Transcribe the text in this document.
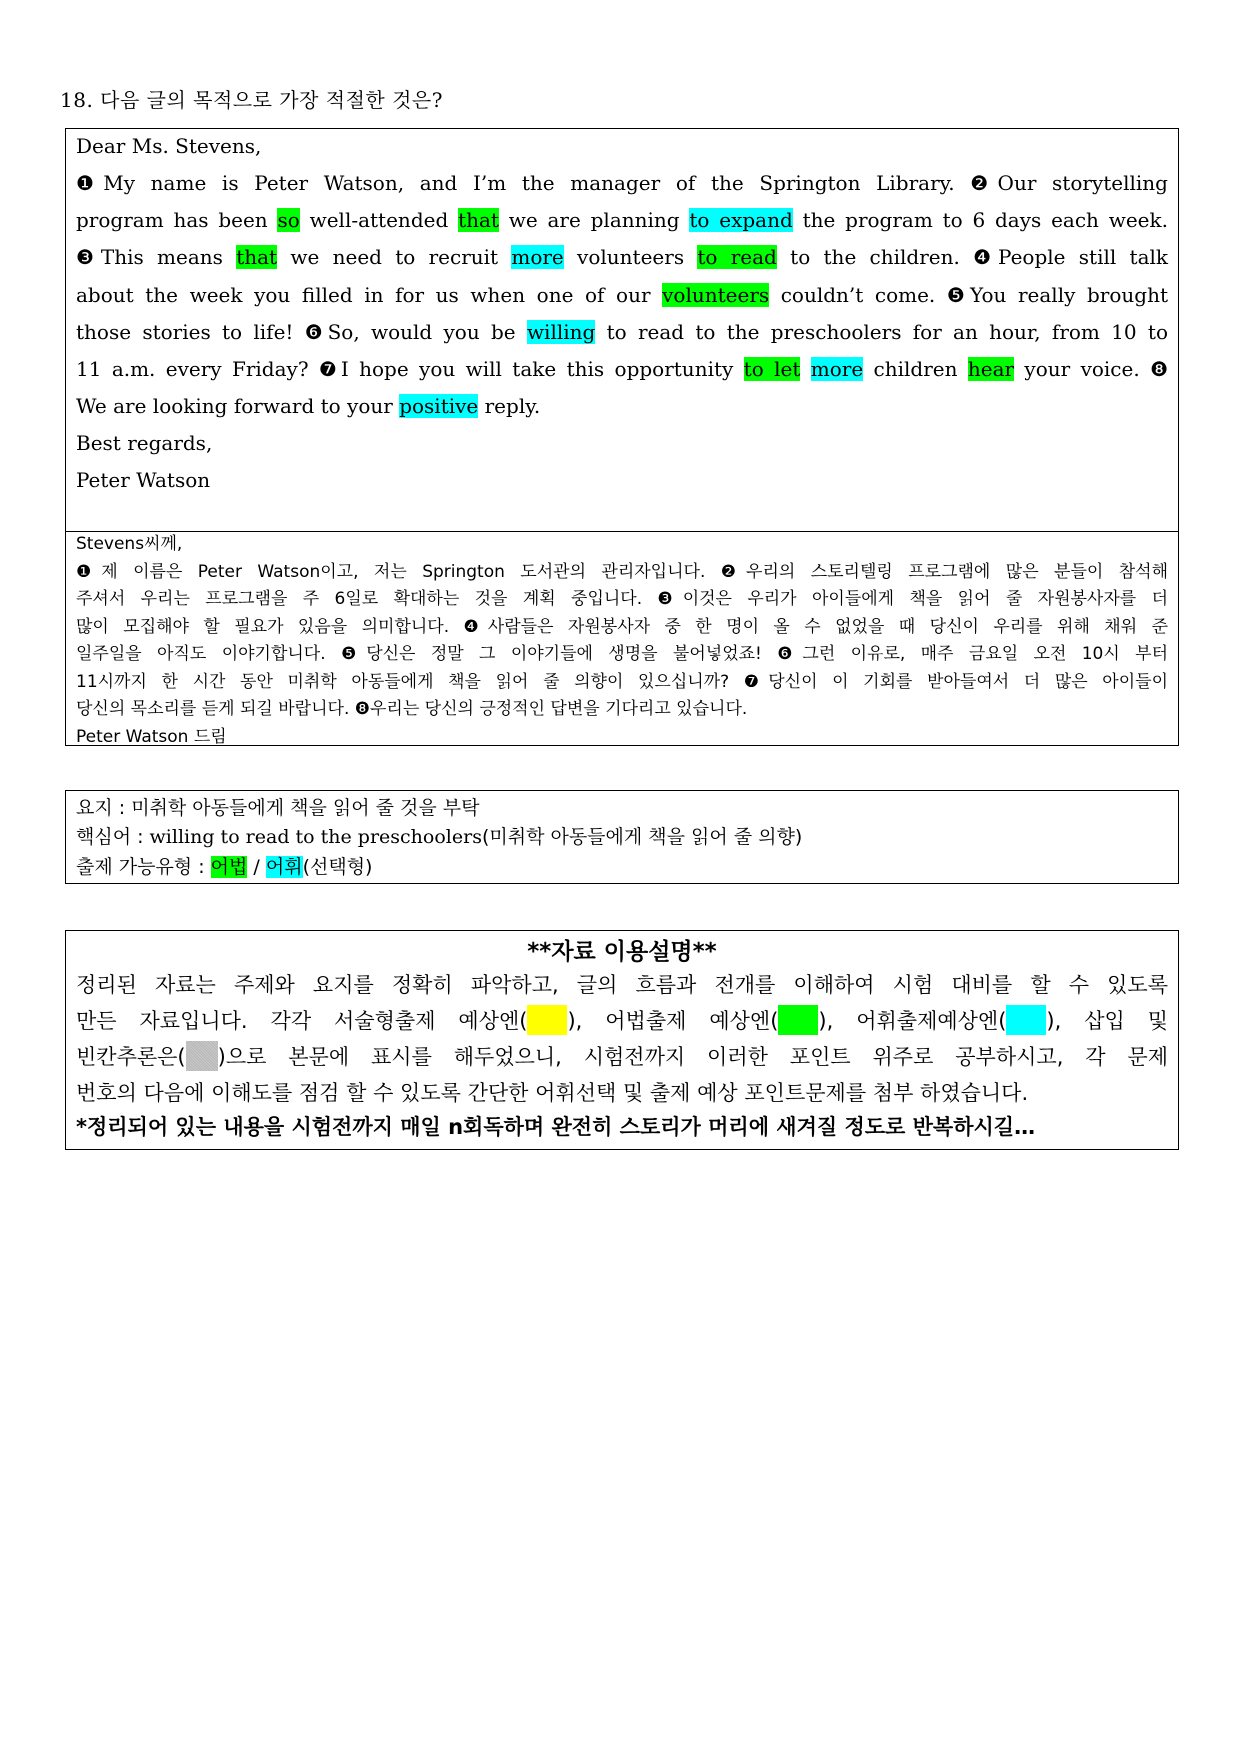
18. 다음 글의 목적으로 가장 적절한 것은?
Dear Ms. Stevens,
❶My name is Peter Watson, and I’m the manager of the Springton Library. ❷Our storytelling
program has been so well-attended that we are planning to expand the program to 6 days each week.
❸This means that we need to recruit more volunteers to read to the children. ❹People still talk
about the week you filled in for us when one of our volunteers couldn’t come. ❺You really brought
those stories to life! ❻So, would you be willing to read to the preschoolers for an hour, from 10 to
11 a.m. every Friday? ❼I hope you will take this opportunity to let more children hear your voice. ❽
We are looking forward to your positive reply.
Best regards,
Peter Watson
Stevens씨께,
❶제 이름은 Peter Watson이고, 저는 Springton 도서관의 관리자입니다. ❷우리의 스토리텔링 프로그램에 많은 분들이 참석해
주셔서 우리는 프로그램을 주 6일로 확대하는 것을 계획 중입니다. ❸이것은 우리가 아이들에게 책을 읽어 줄 자원봉사자를 더
많이 모집해야 할 필요가 있음을 의미합니다. ❹사람들은 자원봉사자 중 한 명이 올 수 없었을 때 당신이 우리를 위해 채워 준
일주일을 아직도 이야기합니다. ❺당신은 정말 그 이야기들에 생명을 불어넣었죠! ❻그런 이유로, 매주 금요일 오전 10시 부터
11시까지 한 시간 동안 미취학 아동들에게 책을 읽어 줄 의향이 있으십니까? ❼당신이 이 기회를 받아들여서 더 많은 아이들이
당신의 목소리를 듣게 되길 바랍니다. ❽우리는 당신의 긍정적인 답변을 기다리고 있습니다.
Peter Watson 드림
요지 : 미취학 아동들에게 책을 읽어 줄 것을 부탁
핵심어 : willing to read to the preschoolers(미취학 아동들에게 책을 읽어 줄 의향)
출제 가능유형 : 어법 / 어휘(선택형)
**자료 이용설명**
정리된 자료는 주제와 요지를 정확히 파악하고, 글의 흐름과 전개를 이해하여 시험 대비를 할 수 있도록
만든 자료입니다. 각각 서술형출제 예상엔( ), 어법출제 예상엔( ), 어휘출제예상엔( ), 삽입 및
빈칸추론은( )으로 본문에 표시를 해두었으니, 시험전까지 이러한 포인트 위주로 공부하시고, 각 문제
번호의 다음에 이해도를 점검 할 수 있도록 간단한 어휘선택 및 출제 예상 포인트문제를 첨부 하였습니다.
*정리되어 있는 내용을 시험전까지 매일 n회독하며 완전히 스토리가 머리에 새겨질 정도로 반복하시길…
